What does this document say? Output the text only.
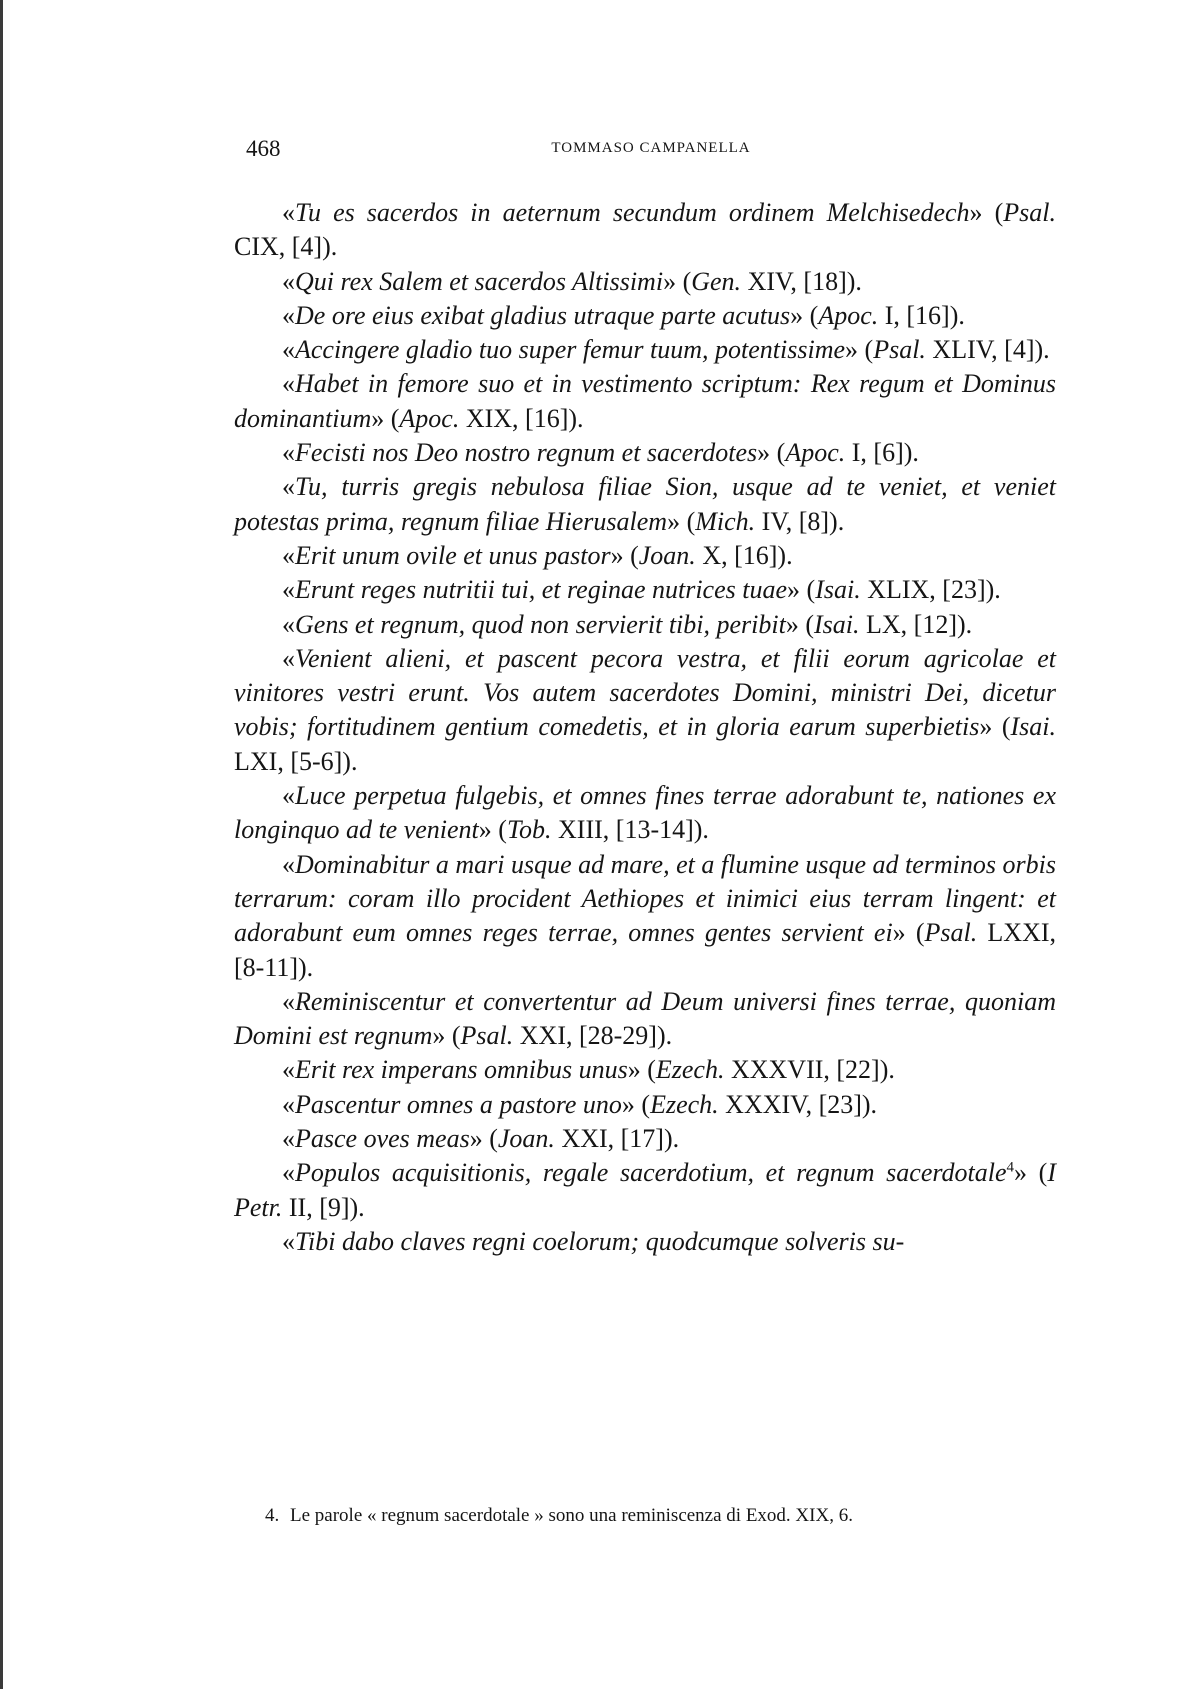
468	TOMMASO CAMPANELLA

«Tu es sacerdos in aeternum secundum ordinem Melchisedech» (Psal. CIX, [4]).

«Qui rex Salem et sacerdos Altissimi» (Gen. XIV, [18]).

«De ore eius exibat gladius utraque parte acutus» (Apoc. I, [16]).

«Accingere gladio tuo super femur tuum, potentissime» (Psal. XLIV, [4]).

«Habet in femore suo et in vestimento scriptum: Rex regum et Dominus dominantium» (Apoc. XIX, [16]).

«Fecisti nos Deo nostro regnum et sacerdotes» (Apoc. I, [6]).

«Tu, turris gregis nebulosa filiae Sion, usque ad te veniet, et veniet potestas prima, regnum filiae Hierusalem» (Mich. IV, [8]).

«Erit unum ovile et unus pastor» (Joan. X, [16]).

«Erunt reges nutritii tui, et reginae nutrices tuae» (Isai. XLIX, [23]).

«Gens et regnum, quod non servierit tibi, peribit» (Isai. LX, [12]).

«Venient alieni, et pascent pecora vestra, et filii eorum agricolae et vinitores vestri erunt. Vos autem sacerdotes Domini, ministri Dei, dicetur vobis; fortitudinem gentium comedetis, et in gloria earum superbietis» (Isai. LXI, [5-6]).

«Luce perpetua fulgebis, et omnes fines terrae adorabunt te, nationes ex longinquo ad te venient» (Tob. XIII, [13-14]).

«Dominabitur a mari usque ad mare, et a flumine usque ad terminos orbis terrarum: coram illo procident Aethiopes et inimici eius terram lingent: et adorabunt eum omnes reges terrae, omnes gentes servient ei» (Psal. LXXI, [8-11]).

«Reminiscentur et convertentur ad Deum universi fines terrae, quoniam Domini est regnum» (Psal. XXI, [28-29]).

«Erit rex imperans omnibus unus» (Ezech. XXXVII, [22]).

«Pascentur omnes a pastore uno» (Ezech. XXXIV, [23]).

«Pasce oves meas» (Joan. XXI, [17]).

«Populos acquisitionis, regale sacerdotium, et regnum sacerdotale$^4$» (I Petr. II, [9]).

«Tibi dabo claves regni coelorum; quodcumque solveris su-

4. Le parole « regnum sacerdotale » sono una reminiscenza di Exod. XIX, 6.
